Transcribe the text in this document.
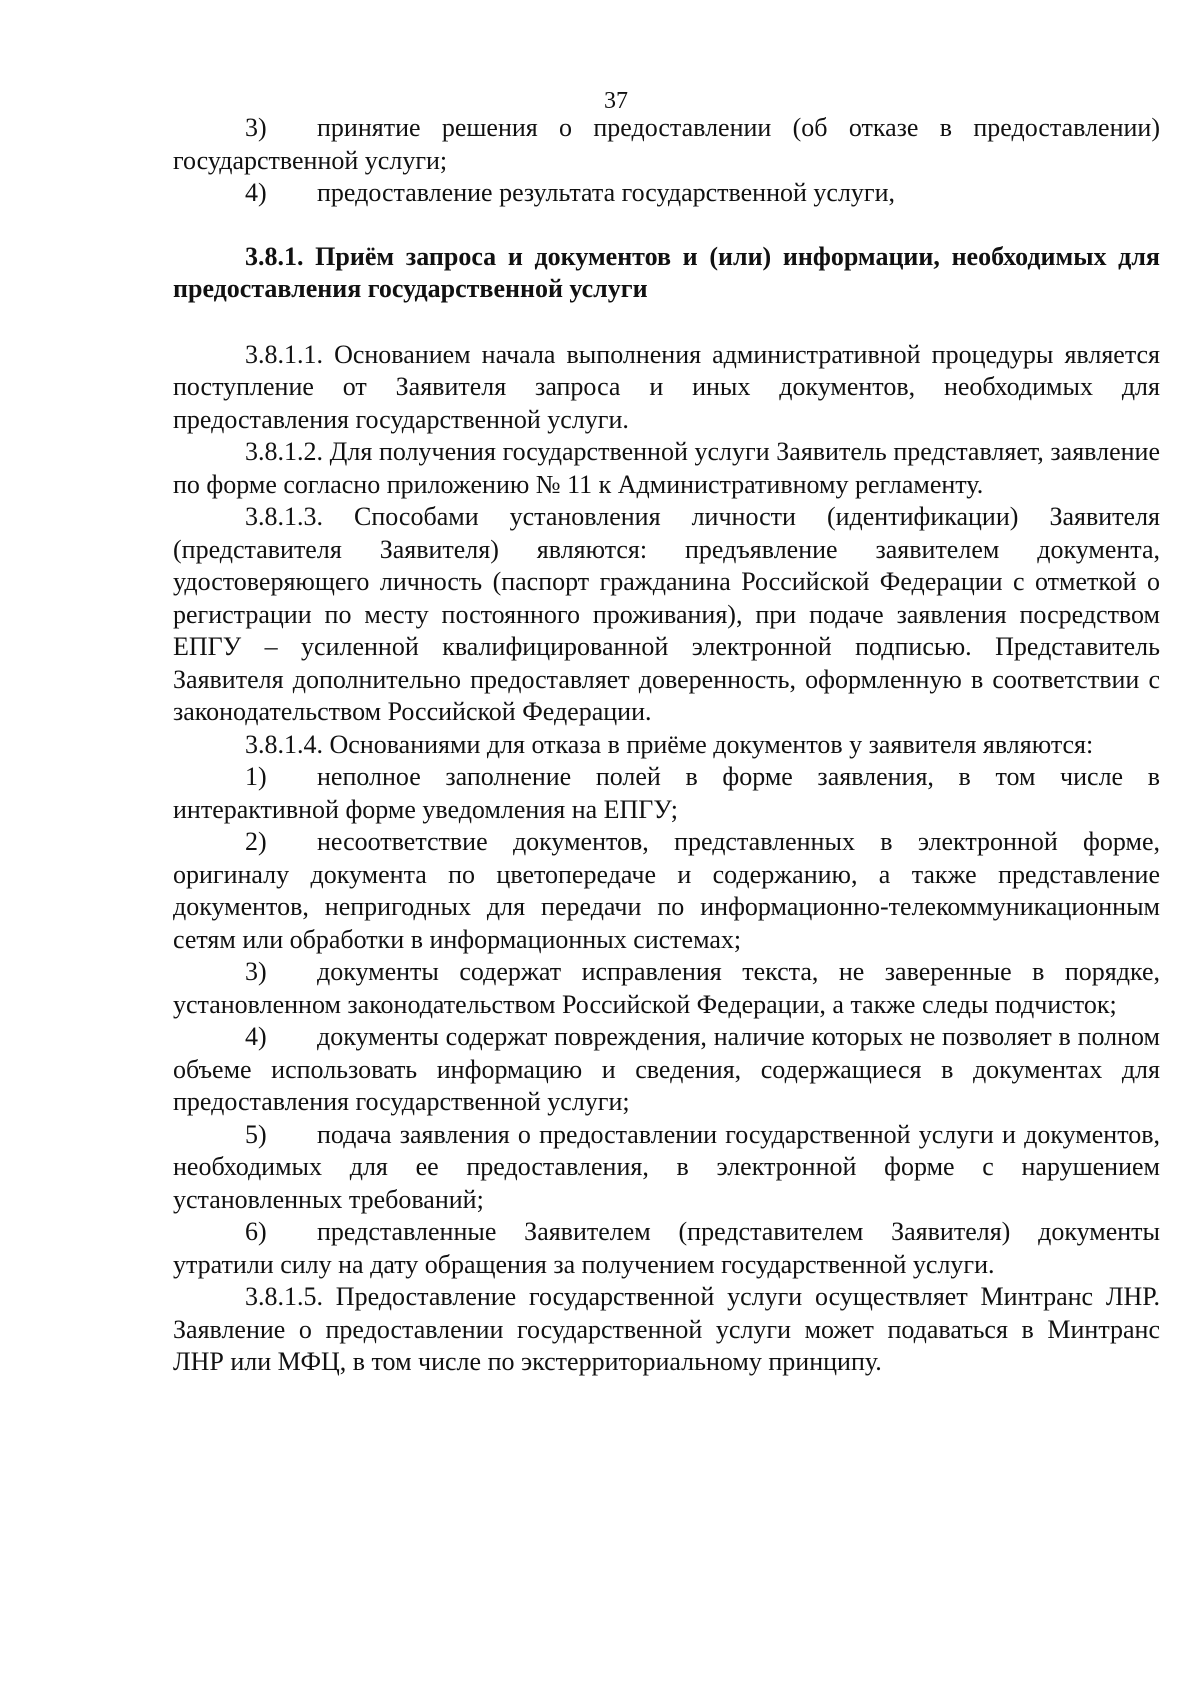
37

3) принятие решения о предоставлении (об отказе в предоставлении) государственной услуги;

4) предоставление результата государственной услуги,

3.8.1. Приём запроса и документов и (или) информации, необходимых для предоставления государственной услуги

3.8.1.1. Основанием начала выполнения административной процедуры является поступление от Заявителя запроса и иных документов, необходимых для предоставления государственной услуги.

3.8.1.2. Для получения государственной услуги Заявитель представляет, заявление по форме согласно приложению № 11 к Административному регламенту.

3.8.1.3. Способами установления личности (идентификации) Заявителя (представителя Заявителя) являются: предъявление заявителем документа, удостоверяющего личность (паспорт гражданина Российской Федерации с отметкой о регистрации по месту постоянного проживания), при подаче заявления посредством ЕПГУ – усиленной квалифицированной электронной подписью. Представитель Заявителя дополнительно предоставляет доверенность, оформленную в соответствии с законодательством Российской Федерации.

3.8.1.4. Основаниями для отказа в приёме документов у заявителя являются:

1) неполное заполнение полей в форме заявления, в том числе в интерактивной форме уведомления на ЕПГУ;

2) несоответствие документов, представленных в электронной форме, оригиналу документа по цветопередаче и содержанию, а также представление документов, непригодных для передачи по информационно-телекоммуникационным сетям или обработки в информационных системах;

3) документы содержат исправления текста, не заверенные в порядке, установленном законодательством Российской Федерации, а также следы подчисток;

4) документы содержат повреждения, наличие которых не позволяет в полном объеме использовать информацию и сведения, содержащиеся в документах для предоставления государственной услуги;

5) подача заявления о предоставлении государственной услуги и документов, необходимых для ее предоставления, в электронной форме с нарушением установленных требований;

6) представленные Заявителем (представителем Заявителя) документы утратили силу на дату обращения за получением государственной услуги.

3.8.1.5. Предоставление государственной услуги осуществляет Минтранс ЛНР. Заявление о предоставлении государственной услуги может подаваться в Минтранс ЛНР или МФЦ, в том числе по экстерриториальному принципу.
